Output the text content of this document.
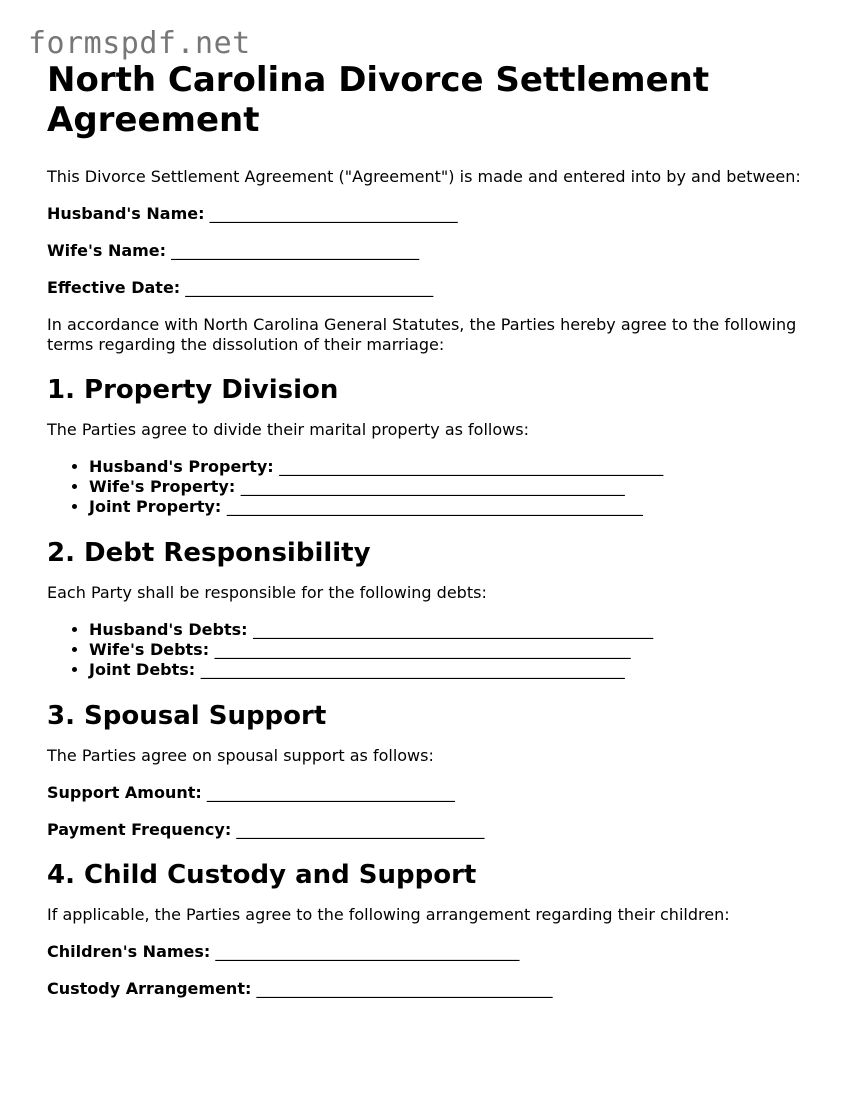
formspdf.net
North Carolina Divorce Settlement Agreement

This Divorce Settlement Agreement ("Agreement") is made and entered into by and between:

Husband's Name: _______________________________
Wife's Name: _______________________________
Effective Date: _______________________________

In accordance with North Carolina General Statutes, the Parties hereby agree to the following terms regarding the dissolution of their marriage:

1. Property Division

The Parties agree to divide their marital property as follows:

• Husband's Property: ________________________________________________
• Wife's Property: ________________________________________________
• Joint Property: ____________________________________________________
2. Debt Responsibility

Each Party shall be responsible for the following debts:

• Husband's Debts: __________________________________________________
• Wife's Debts: ____________________________________________________
• Joint Debts: _____________________________________________________
3. Spousal Support

The Parties agree on spousal support as follows:

Support Amount: _______________________________
Payment Frequency: _______________________________
4. Child Custody and Support

If applicable, the Parties agree to the following arrangement regarding their children:

Children's Names: ______________________________________
Custody Arrangement: _____________________________________
